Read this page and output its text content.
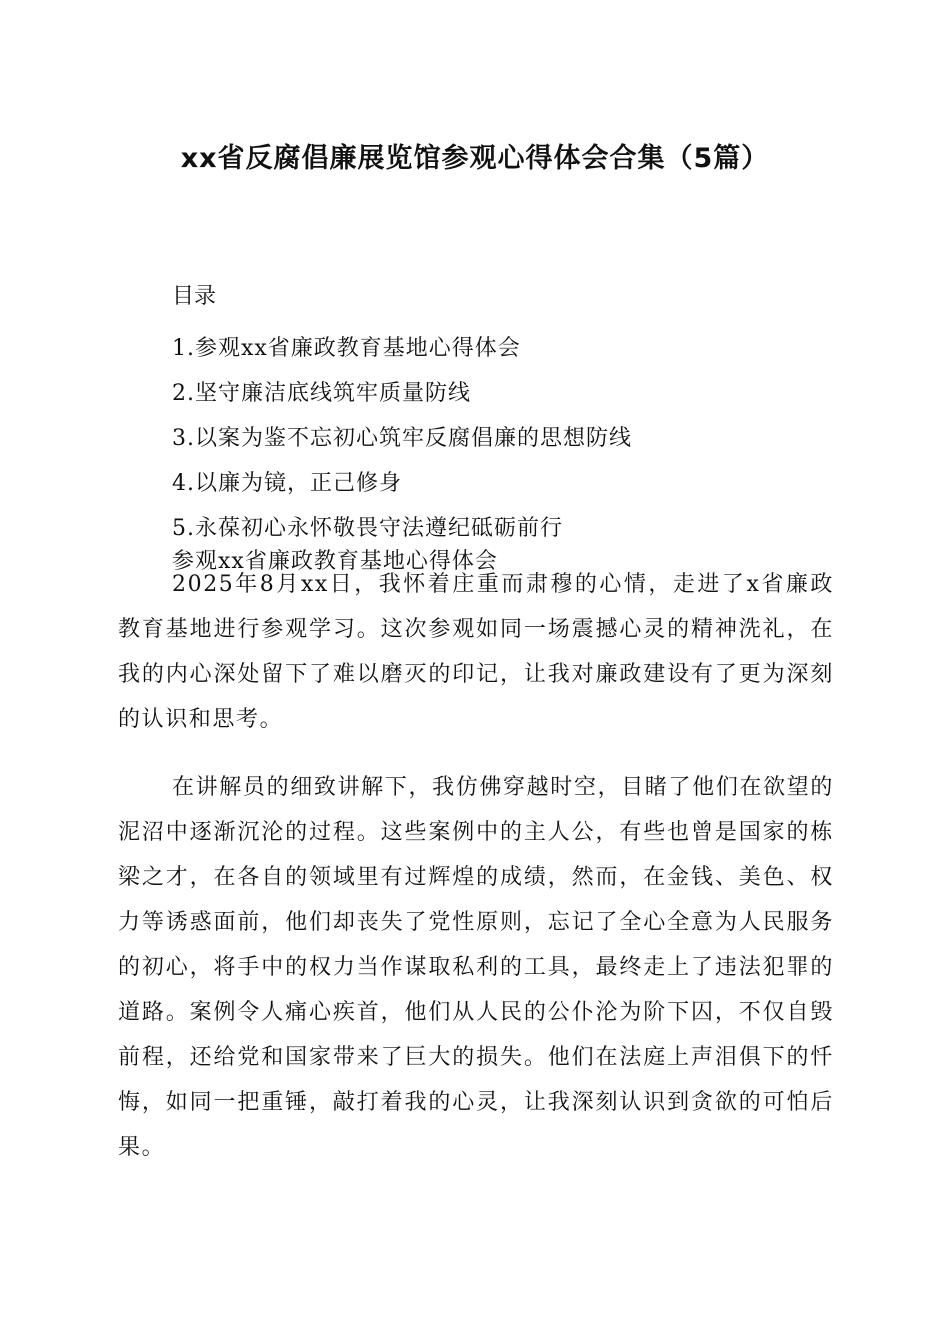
xx省反腐倡廉展览馆参观心得体会合集（5篇）

目录

1.参观xx省廉政教育基地心得体会
2.坚守廉洁底线筑牢质量防线
3.以案为鉴不忘初心筑牢反腐倡廉的思想防线
4.以廉为镜，正己修身
5.永葆初心永怀敬畏守法遵纪砥砺前行

参观xx省廉政教育基地心得体会

2025年8月xx日，我怀着庄重而肃穆的心情，走进了x省廉政教育基地进行参观学习。这次参观如同一场震撼心灵的精神洗礼，在我的内心深处留下了难以磨灭的印记，让我对廉政建设有了更为深刻的认识和思考。

在讲解员的细致讲解下，我仿佛穿越时空，目睹了他们在欲望的泥沼中逐渐沉沦的过程。这些案例中的主人公，有些也曾是国家的栋梁之才，在各自的领域里有过辉煌的成绩，然而，在金钱、美色、权力等诱惑面前，他们却丧失了党性原则，忘记了全心全意为人民服务的初心，将手中的权力当作谋取私利的工具，最终走上了违法犯罪的道路。案例令人痛心疾首，他们从人民的公仆沦为阶下囚，不仅自毁前程，还给党和国家带来了巨大的损失。他们在法庭上声泪俱下的忏悔，如同一把重锤，敲打着我的心灵，让我深刻认识到贪欲的可怕后果。
